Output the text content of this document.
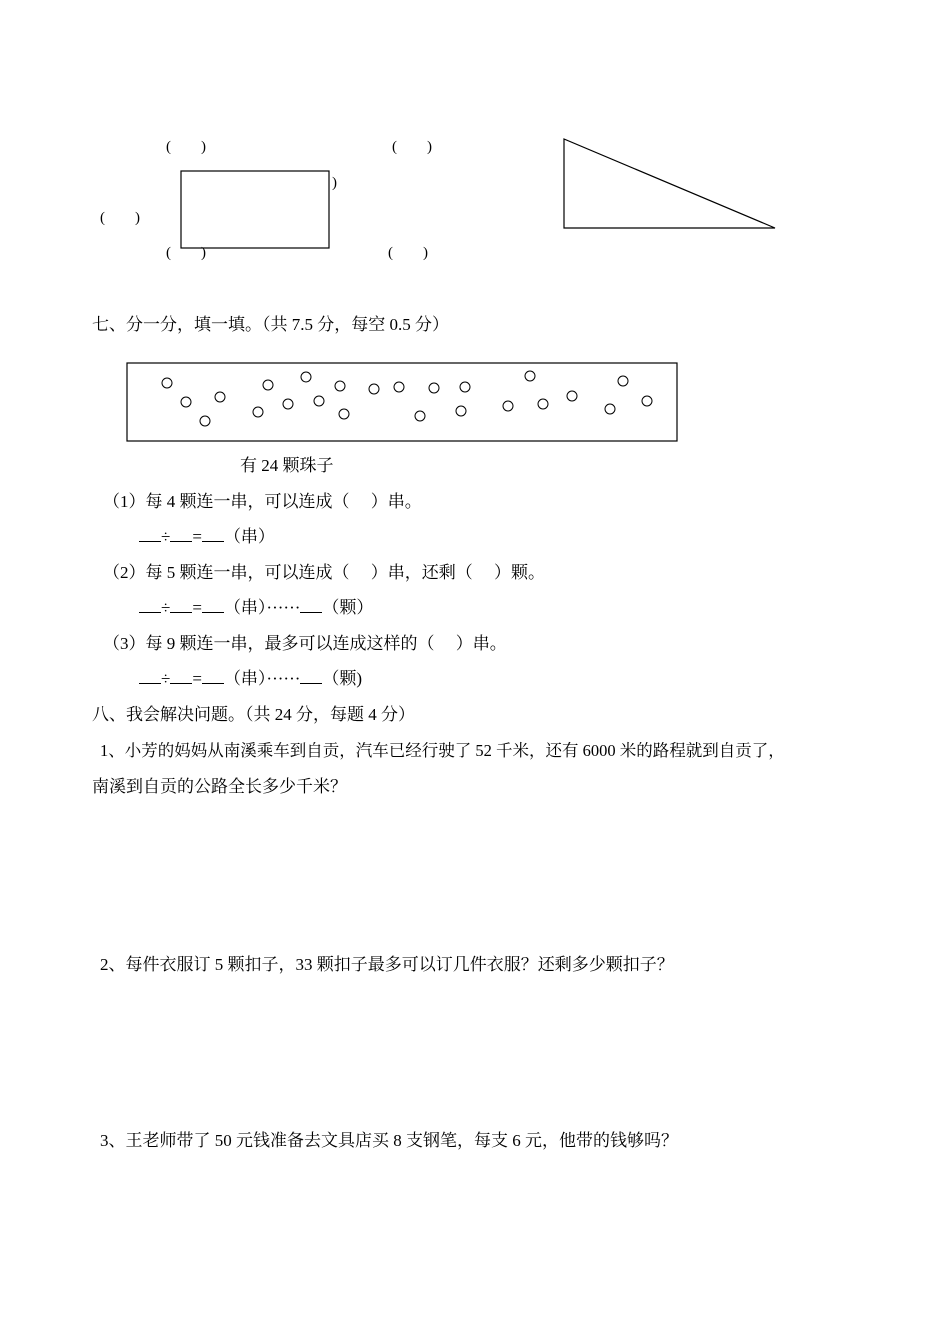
(　　)	(　　)
)
(　　)
(　　)	(　　)
七、分一分，填一填。（共 7.5 分，每空 0.5 分）
有 24 颗珠子
（1）每 4 颗连一串，可以连成（　 ）串。
÷ = （串）
（2）每 5 颗连一串，可以连成（　 ）串，还剩（　 ）颗。
÷ = （串）······ （颗）
（3）每 9 颗连一串，最多可以连成这样的（　 ）串。
÷ = （串）······ （颗)
八、我会解决问题。（共 24 分，每题 4 分）
1、小芳的妈妈从南溪乘车到自贡，汽车已经行驶了 52 千米，还有 6000 米的路程就到自贡了，
南溪到自贡的公路全长多少千米？
2、每件衣服订 5 颗扣子，33 颗扣子最多可以订几件衣服？还剩多少颗扣子？
3、王老师带了 50 元钱准备去文具店买 8 支钢笔，每支 6 元，他带的钱够吗？
